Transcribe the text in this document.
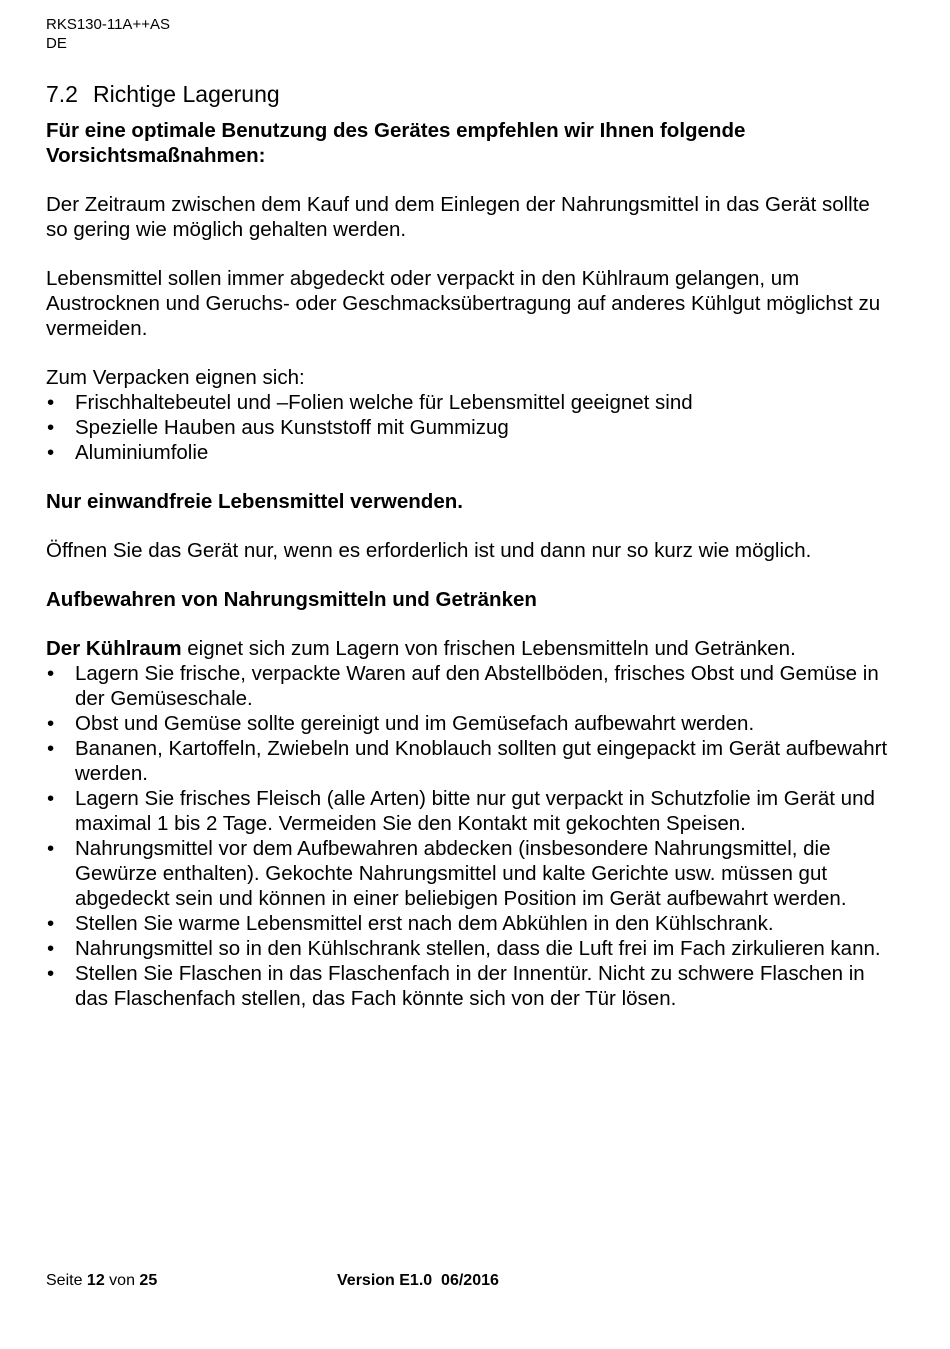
RKS130-11A++AS
DE
7.2 Richtige Lagerung

Für eine optimale Benutzung des Gerätes empfehlen wir Ihnen folgende Vorsichtsmaßnahmen:

Der Zeitraum zwischen dem Kauf und dem Einlegen der Nahrungsmittel in das Gerät sollte so gering wie möglich gehalten werden.

Lebensmittel sollen immer abgedeckt oder verpackt in den Kühlraum gelangen, um Austrocknen und Geruchs- oder Geschmacksübertragung auf anderes Kühlgut möglichst zu vermeiden.

Zum Verpacken eignen sich:

• Frischhaltebeutel und –Folien welche für Lebensmittel geeignet sind
• Spezielle Hauben aus Kunststoff mit Gummizug
• Aluminiumfolie

Nur einwandfreie Lebensmittel verwenden.

Öffnen Sie das Gerät nur, wenn es erforderlich ist und dann nur so kurz wie möglich.

Aufbewahren von Nahrungsmitteln und Getränken

Der Kühlraum eignet sich zum Lagern von frischen Lebensmitteln und Getränken.

• Lagern Sie frische, verpackte Waren auf den Abstellböden, frisches Obst und Gemüse in der Gemüseschale.
• Obst und Gemüse sollte gereinigt und im Gemüsefach aufbewahrt werden.
• Bananen, Kartoffeln, Zwiebeln und Knoblauch sollten gut eingepackt im Gerät aufbewahrt werden.
• Lagern Sie frisches Fleisch (alle Arten) bitte nur gut verpackt in Schutzfolie im Gerät und maximal 1 bis 2 Tage. Vermeiden Sie den Kontakt mit gekochten Speisen.
• Nahrungsmittel vor dem Aufbewahren abdecken (insbesondere Nahrungsmittel, die Gewürze enthalten). Gekochte Nahrungsmittel und kalte Gerichte usw. müssen gut abgedeckt sein und können in einer beliebigen Position im Gerät aufbewahrt werden.
• Stellen Sie warme Lebensmittel erst nach dem Abkühlen in den Kühlschrank.
• Nahrungsmittel so in den Kühlschrank stellen, dass die Luft frei im Fach zirkulieren kann.
• Stellen Sie Flaschen in das Flaschenfach in der Innentür. Nicht zu schwere Flaschen in das Flaschenfach stellen, das Fach könnte sich von der Tür lösen.
Seite 12 von 25	Version E1.0  06/2016
